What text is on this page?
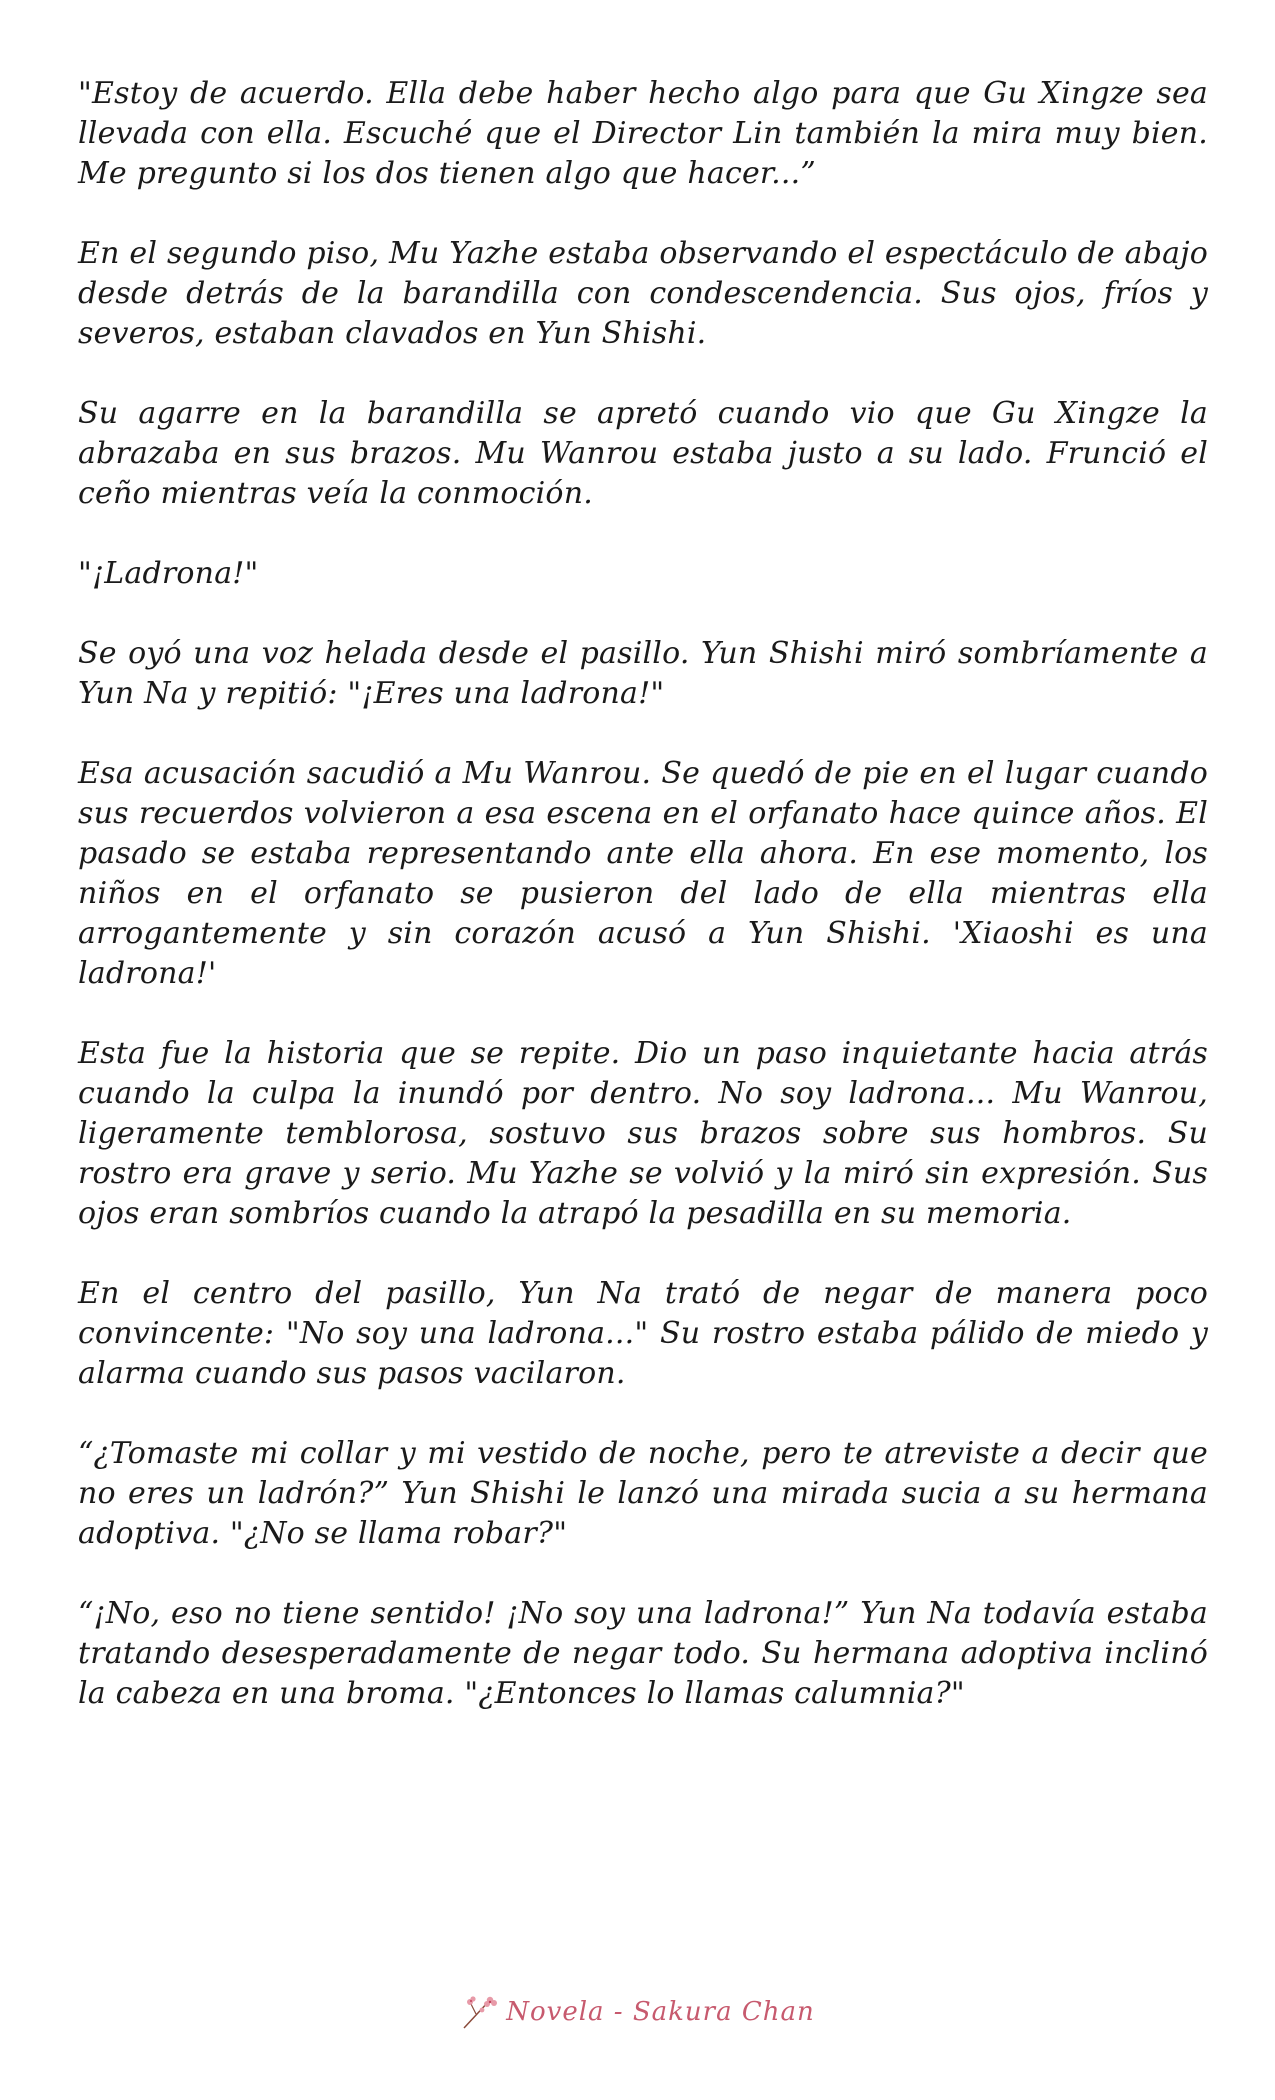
"Estoy de acuerdo. Ella debe haber hecho algo para que Gu Xingze sea llevada con ella. Escuché que el Director Lin también la mira muy bien. Me pregunto si los dos tienen algo que hacer...”

En el segundo piso, Mu Yazhe estaba observando el espectáculo de abajo desde detrás de la barandilla con condescendencia. Sus ojos, fríos y severos, estaban clavados en Yun Shishi.

Su agarre en la barandilla se apretó cuando vio que Gu Xingze la abrazaba en sus brazos. Mu Wanrou estaba justo a su lado. Frunció el ceño mientras veía la conmoción.

"¡Ladrona!"

Se oyó una voz helada desde el pasillo. Yun Shishi miró sombríamente a Yun Na y repitió: "¡Eres una ladrona!"

Esa acusación sacudió a Mu Wanrou. Se quedó de pie en el lugar cuando sus recuerdos volvieron a esa escena en el orfanato hace quince años. El pasado se estaba representando ante ella ahora. En ese momento, los niños en el orfanato se pusieron del lado de ella mientras ella arrogantemente y sin corazón acusó a Yun Shishi. 'Xiaoshi es una ladrona!'

Esta fue la historia que se repite. Dio un paso inquietante hacia atrás cuando la culpa la inundó por dentro. No soy ladrona... Mu Wanrou, ligeramente temblorosa, sostuvo sus brazos sobre sus hombros. Su rostro era grave y serio. Mu Yazhe se volvió y la miró sin expresión. Sus ojos eran sombríos cuando la atrapó la pesadilla en su memoria.

En el centro del pasillo, Yun Na trató de negar de manera poco convincente: "No soy una ladrona..." Su rostro estaba pálido de miedo y alarma cuando sus pasos vacilaron.

“¿Tomaste mi collar y mi vestido de noche, pero te atreviste a decir que no eres un ladrón?” Yun Shishi le lanzó una mirada sucia a su hermana adoptiva. "¿No se llama robar?"

“¡No, eso no tiene sentido! ¡No soy una ladrona!” Yun Na todavía estaba tratando desesperadamente de negar todo. Su hermana adoptiva inclinó la cabeza en una broma. "¿Entonces lo llamas calumnia?"

Novela - Sakura Chan
